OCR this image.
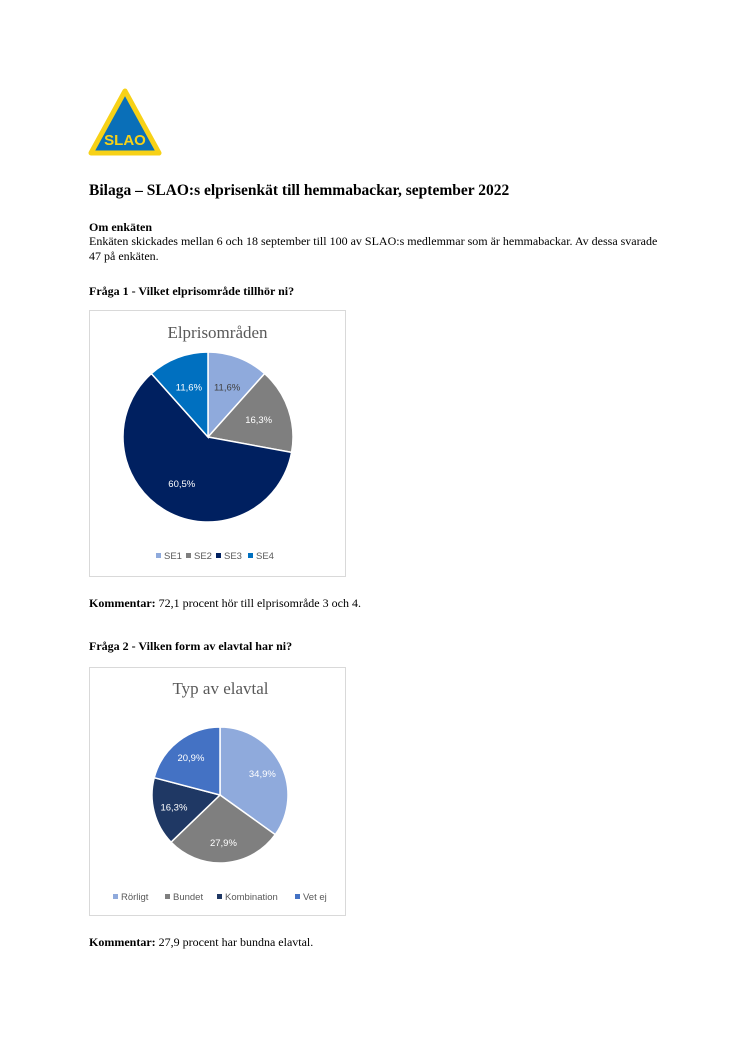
SLAO
Bilaga – SLAO:s elprisenkät till hemmabackar, september 2022
Om enkäten
Enkäten skickades mellan 6 och 18 september till 100 av SLAO:s medlemmar som är hemmabackar. Av dessa svarade 47 på enkäten.
Fråga 1 - Vilket elprisområde tillhör ni?
Elprisområden
11,6%
16,3%
60,5%
11,6%
SE1 SE2 SE3 SE4
Kommentar: 72,1 procent hör till elprisområde 3 och 4.
Fråga 2 - Vilken form av elavtal har ni?
Typ av elavtal
34,9%
27,9%
16,3%
20,9%
Rörligt	Bundet Kombination	Vet ej
Kommentar: 27,9 procent har bundna elavtal.
